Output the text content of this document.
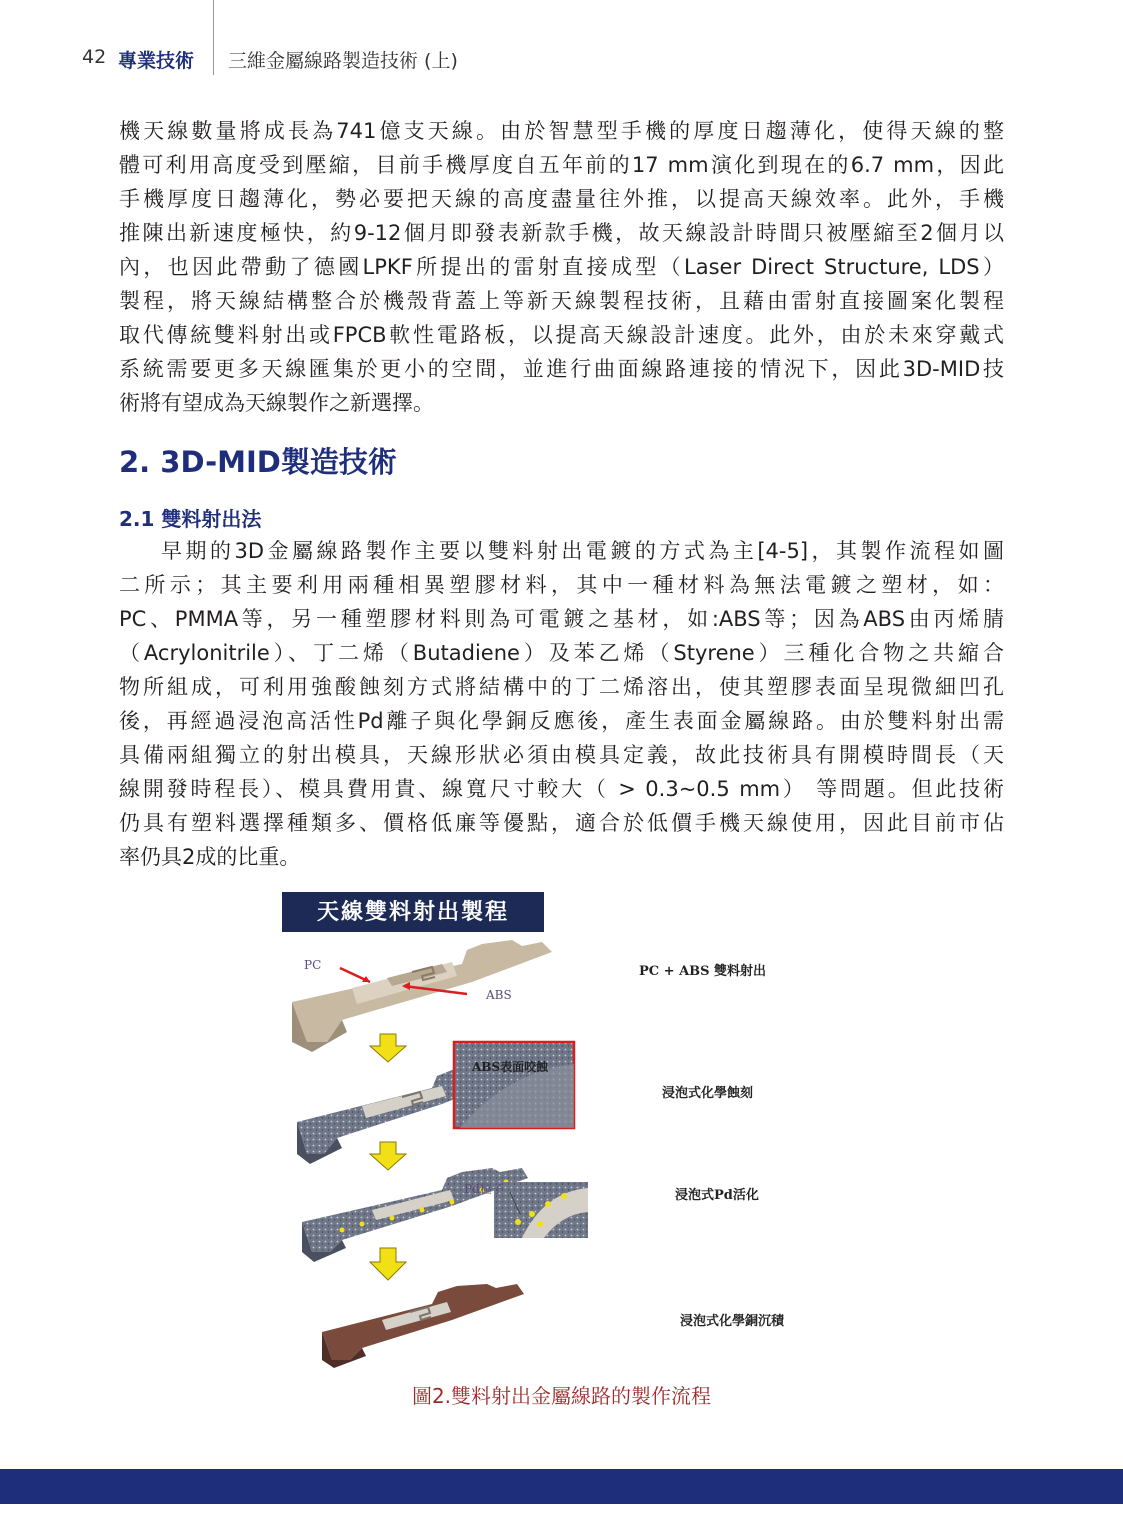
42 專業技術 三維金屬線路製造技術 (上)
機天線數量將成長為741億支天線。由於智慧型手機的厚度日趨薄化，使得天線的整
體可利用高度受到壓縮，目前手機厚度自五年前的17 mm演化到現在的6.7 mm，因此
手機厚度日趨薄化，勢必要把天線的高度盡量往外推，以提高天線效率。此外，手機
推陳出新速度極快，約9-12個月即發表新款手機，故天線設計時間只被壓縮至2個月以
內，也因此帶動了德國LPKF所提出的雷射直接成型（Laser Direct Structure, LDS）
製程，將天線結構整合於機殼背蓋上等新天線製程技術，且藉由雷射直接圖案化製程
取代傳統雙料射出或FPCB軟性電路板，以提高天線設計速度。此外，由於未來穿戴式
系統需要更多天線匯集於更小的空間，並進行曲面線路連接的情況下，因此3D-MID技
術將有望成為天線製作之新選擇。
2. 3D-MID製造技術
2.1 雙料射出法
早期的3D金屬線路製作主要以雙料射出電鍍的方式為主[4-5]，其製作流程如圖
二所示；其主要利用兩種相異塑膠材料，其中一種材料為無法電鍍之塑材，如：
PC、PMMA等，另一種塑膠材料則為可電鍍之基材，如:ABS等；因為ABS由丙烯腈
（Acrylonitrile）、丁二烯（Butadiene）及苯乙烯（Styrene）三種化合物之共縮合
物所組成，可利用強酸蝕刻方式將結構中的丁二烯溶出，使其塑膠表面呈現微細凹孔
後，再經過浸泡高活性Pd離子與化學銅反應後，產生表面金屬線路。由於雙料射出需
具備兩組獨立的射出模具，天線形狀必須由模具定義，故此技術具有開模時間長（天
線開發時程長）、模具費用貴、線寬尺寸較大（ > 0.3~0.5 mm） 等問題。但此技術
仍具有塑料選擇種類多、價格低廉等優點，適合於低價手機天線使用，因此目前市佔
率仍具2成的比重。
天線雙料射出製程
PC
ABS
ABS表面咬蝕
Pd粒子
PC + ABS 雙料射出
浸泡式化學蝕刻
浸泡式Pd活化
浸泡式化學銅沉積
圖2.雙料射出金屬線路的製作流程
